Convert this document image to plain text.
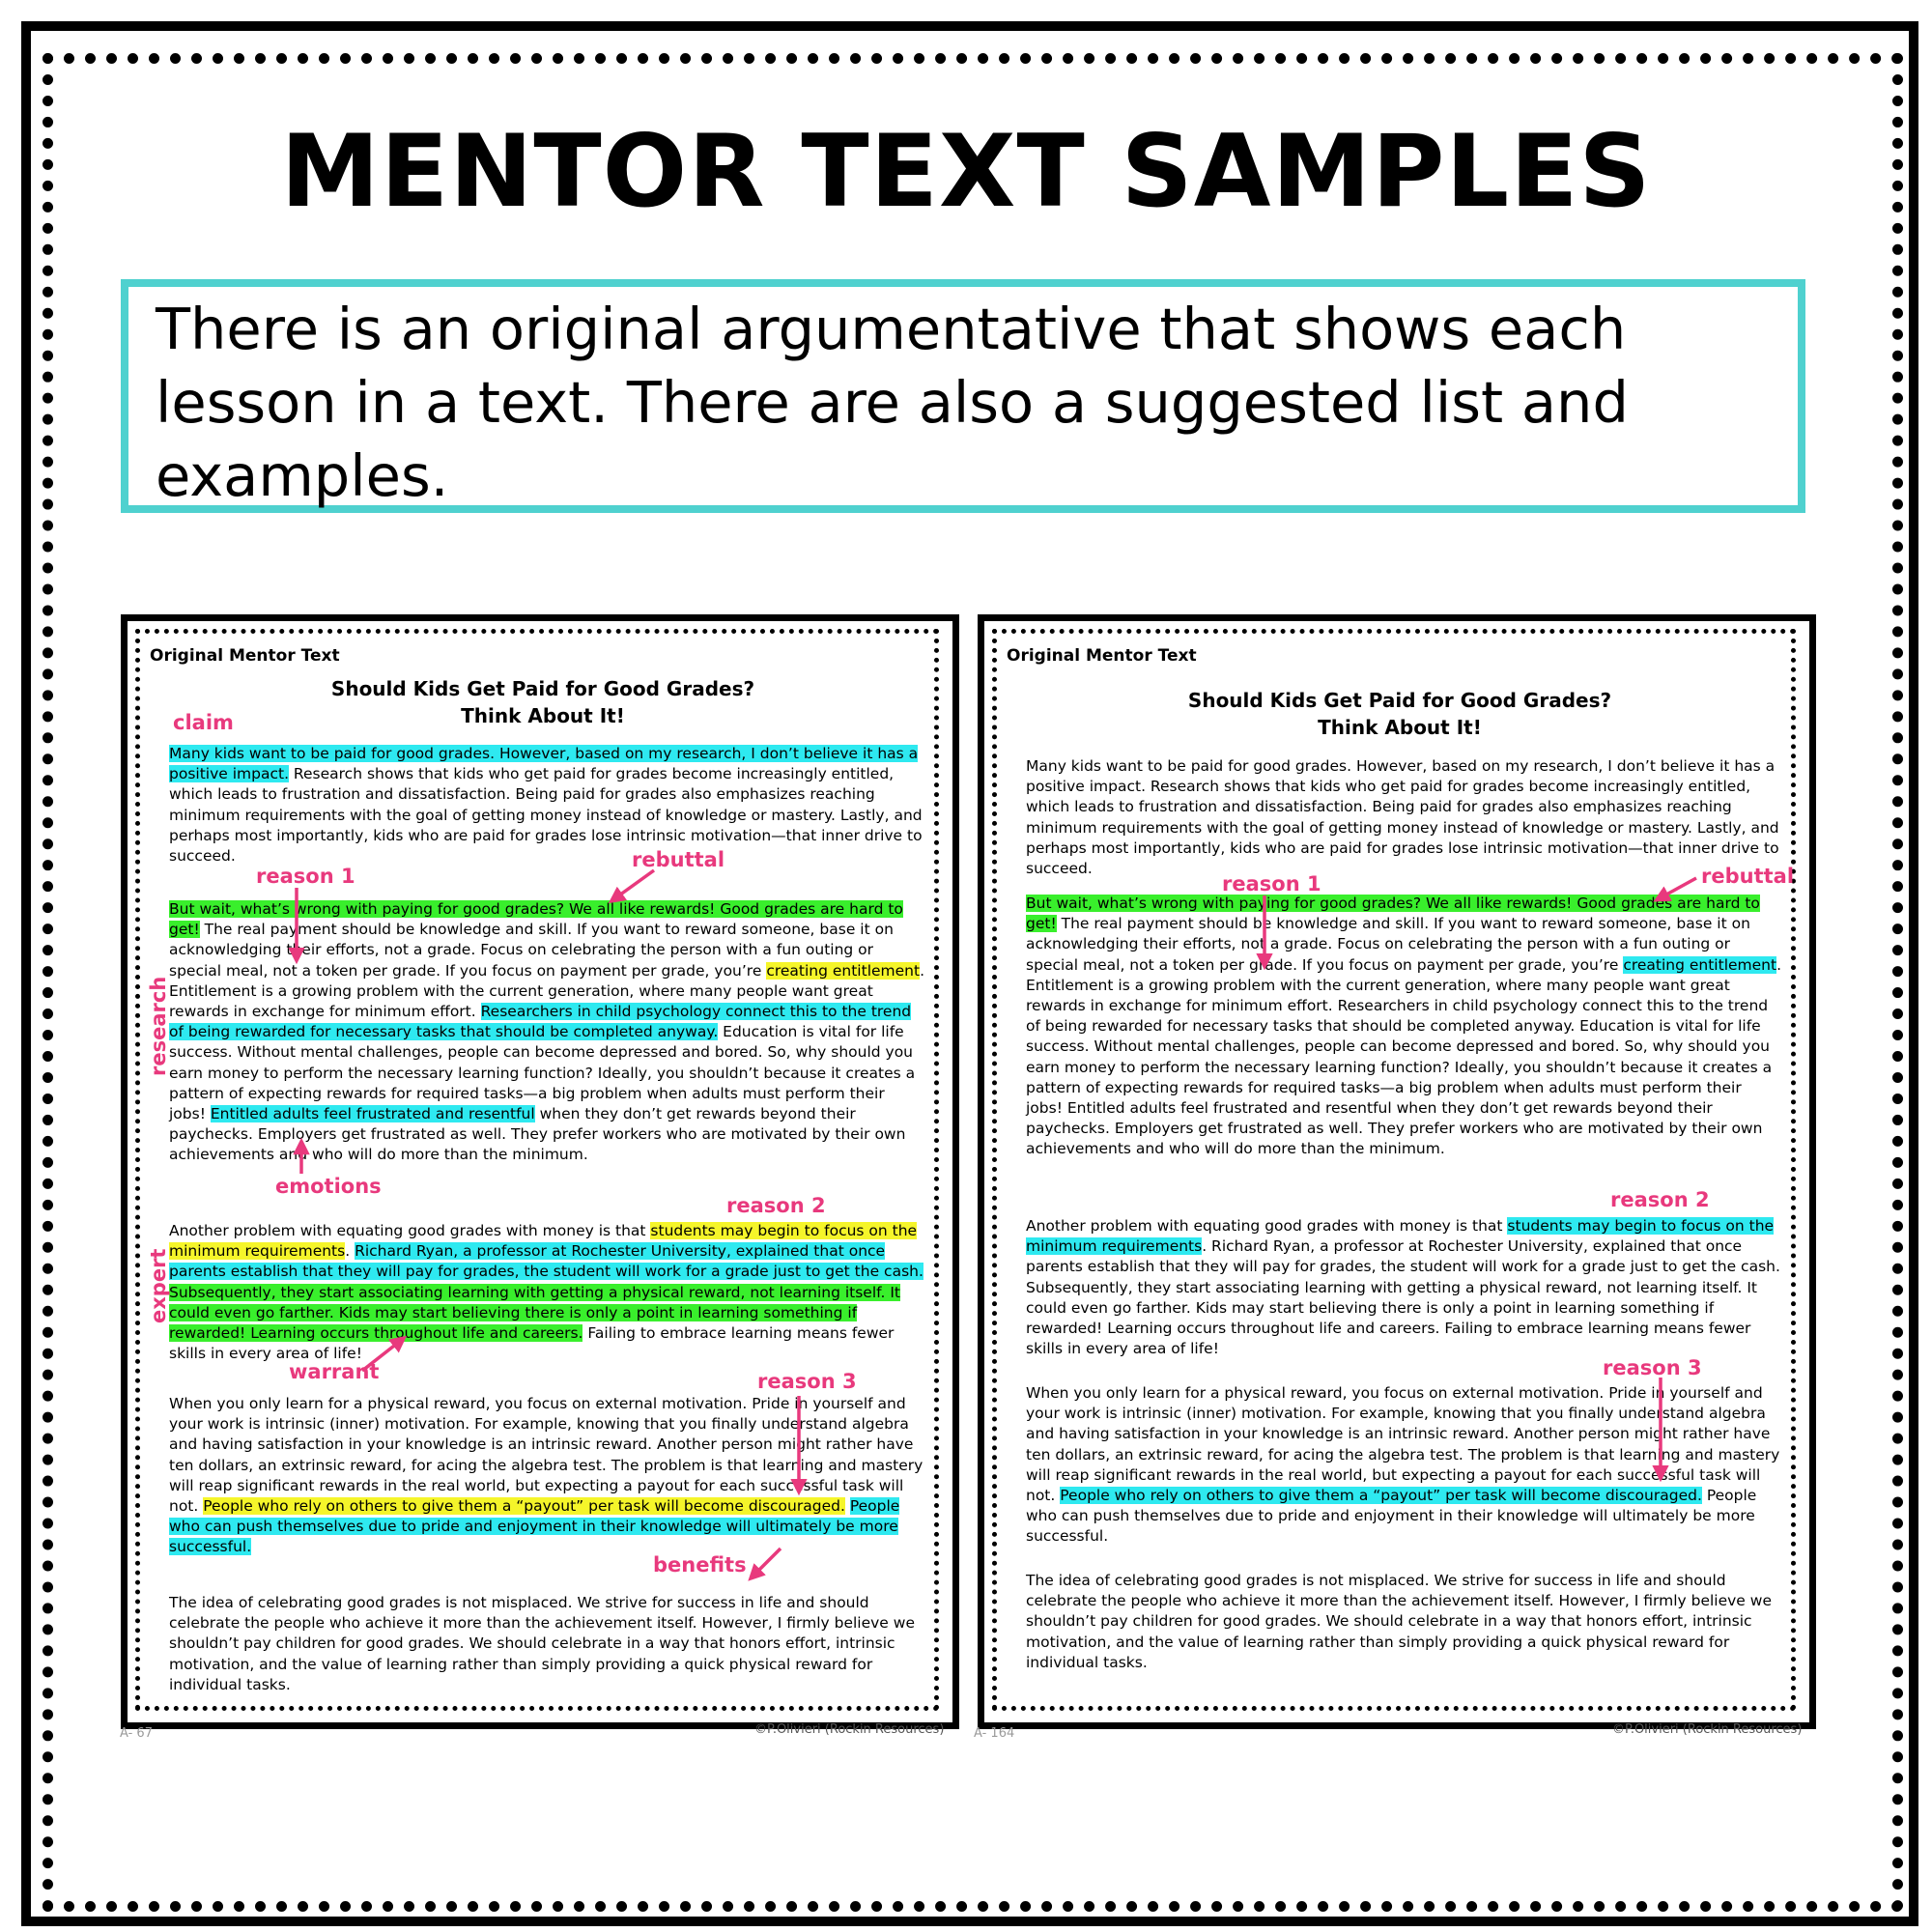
MENTOR TEXT SAMPLES
There is an original argumentative that shows each lesson in a text. There are also a suggested list and examples.
Original Mentor Text
Should Kids Get Paid for Good Grades?
Think About It!

Many kids want to be paid for good grades. However, based on my research, I don’t believe it has a positive impact. Research shows that kids who get paid for grades become increasingly entitled, which leads to frustration and dissatisfaction. Being paid for grades also emphasizes reaching minimum requirements with the goal of getting money instead of knowledge or mastery. Lastly, and perhaps most importantly, kids who are paid for grades lose intrinsic motivation—that inner drive to succeed.

But wait, what’s wrong with paying for good grades? We all like rewards! Good grades are hard to get! The real payment should be knowledge and skill. If you want to reward someone, base it on acknowledging their efforts, not a grade. Focus on celebrating the person with a fun outing or special meal, not a token per grade. If you focus on payment per grade, you’re creating entitlement. Entitlement is a growing problem with the current generation, where many people want great rewards in exchange for minimum effort. Researchers in child psychology connect this to the trend of being rewarded for necessary tasks that should be completed anyway. Education is vital for life success. Without mental challenges, people can become depressed and bored. So, why should you earn money to perform the necessary learning function? Ideally, you shouldn’t because it creates a pattern of expecting rewards for required tasks—a big problem when adults must perform their jobs! Entitled adults feel frustrated and resentful when they don’t get rewards beyond their paychecks. Employers get frustrated as well. They prefer workers who are motivated by their own achievements and who will do more than the minimum.

Another problem with equating good grades with money is that students may begin to focus on the minimum requirements. Richard Ryan, a professor at Rochester University, explained that once parents establish that they will pay for grades, the student will work for a grade just to get the cash. Subsequently, they start associating learning with getting a physical reward, not learning itself. It could even go farther. Kids may start believing there is only a point in learning something if rewarded! Learning occurs throughout life and careers. Failing to embrace learning means fewer skills in every area of life!

When you only learn for a physical reward, you focus on external motivation. Pride in yourself and your work is intrinsic (inner) motivation. For example, knowing that you finally understand algebra and having satisfaction in your knowledge is an intrinsic reward. Another person might rather have ten dollars, an extrinsic reward, for acing the algebra test. The problem is that learning and mastery will reap significant rewards in the real world, but expecting a payout for each successful task will not. People who rely on others to give them a “payout” per task will become discouraged. People who can push themselves due to pride and enjoyment in their knowledge will ultimately be more successful.

The idea of celebrating good grades is not misplaced. We strive for success in life and should celebrate the people who achieve it more than the achievement itself. However, I firmly believe we shouldn’t pay children for good grades. We should celebrate in a way that honors effort, intrinsic motivation, and the value of learning rather than simply providing a quick physical reward for individual tasks.

claim
rebuttal
reason 1
research
emotions
reason 2
expert
warrant	reason 3
benefits
A- 67	©P.Olivieri (Rockin Resources)
Original Mentor Text
Should Kids Get Paid for Good Grades?
Think About It!

Many kids want to be paid for good grades. However, based on my research, I don’t believe it has a positive impact. Research shows that kids who get paid for grades become increasingly entitled, which leads to frustration and dissatisfaction. Being paid for grades also emphasizes reaching minimum requirements with the goal of getting money instead of knowledge or mastery. Lastly, and perhaps most importantly, kids who are paid for grades lose intrinsic motivation—that inner drive to succeed.

But wait, what’s wrong with paying for good grades? We all like rewards! Good grades are hard to get! The real payment should be knowledge and skill. If you want to reward someone, base it on acknowledging their efforts, not a grade. Focus on celebrating the person with a fun outing or special meal, not a token per grade. If you focus on payment per grade, you’re creating entitlement. Entitlement is a growing problem with the current generation, where many people want great rewards in exchange for minimum effort. Researchers in child psychology connect this to the trend of being rewarded for necessary tasks that should be completed anyway. Education is vital for life success. Without mental challenges, people can become depressed and bored. So, why should you earn money to perform the necessary learning function? Ideally, you shouldn’t because it creates a pattern of expecting rewards for required tasks—a big problem when adults must perform their jobs! Entitled adults feel frustrated and resentful when they don’t get rewards beyond their paychecks. Employers get frustrated as well. They prefer workers who are motivated by their own achievements and who will do more than the minimum.

Another problem with equating good grades with money is that students may begin to focus on the minimum requirements. Richard Ryan, a professor at Rochester University, explained that once parents establish that they will pay for grades, the student will work for a grade just to get the cash. Subsequently, they start associating learning with getting a physical reward, not learning itself. It could even go farther. Kids may start believing there is only a point in learning something if rewarded! Learning occurs throughout life and careers. Failing to embrace learning means fewer skills in every area of life!

When you only learn for a physical reward, you focus on external motivation. Pride in yourself and your work is intrinsic (inner) motivation. For example, knowing that you finally understand algebra and having satisfaction in your knowledge is an intrinsic reward. Another person might rather have ten dollars, an extrinsic reward, for acing the algebra test. The problem is that learning and mastery will reap significant rewards in the real world, but expecting a payout for each successful task will not. People who rely on others to give them a “payout” per task will become discouraged. People who can push themselves due to pride and enjoyment in their knowledge will ultimately be more successful.

The idea of celebrating good grades is not misplaced. We strive for success in life and should celebrate the people who achieve it more than the achievement itself. However, I firmly believe we shouldn’t pay children for good grades. We should celebrate in a way that honors effort, intrinsic motivation, and the value of learning rather than simply providing a quick physical reward for individual tasks.

reason 1	rebuttal
reason 2
reason 3
A- 164	©P.Olivieri (Rockin Resources)
